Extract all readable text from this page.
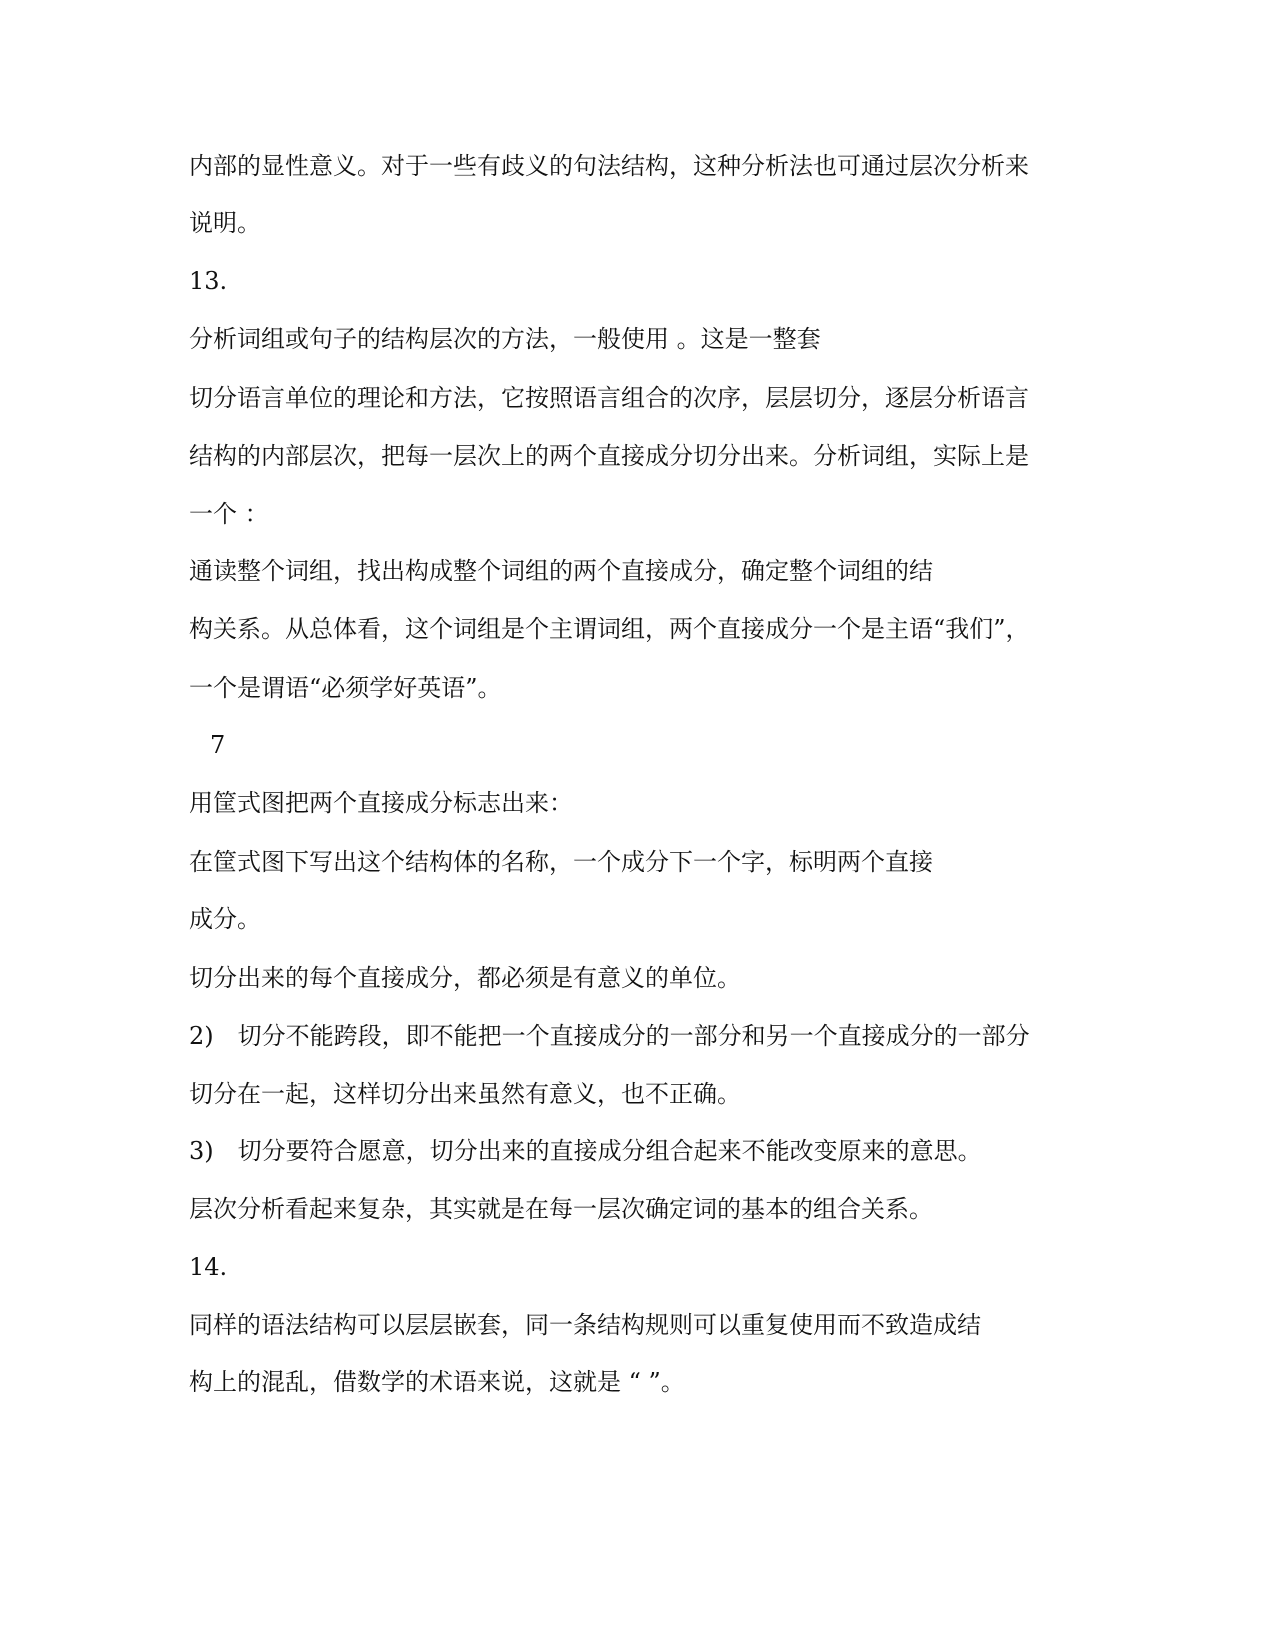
内部的显性意义。对于一些有歧义的句法结构，这种分析法也可通过层次分析来
说明。
13.
分析词组或句子的结构层次的方法，一般使用 。这是一整套
切分语言单位的理论和方法，它按照语言组合的次序，层层切分，逐层分析语言
结构的内部层次，把每一层次上的两个直接成分切分出来。分析词组，实际上是
一个 ：
通读整个词组，找出构成整个词组的两个直接成分，确定整个词组的结
构关系。从总体看，这个词组是个主谓词组，两个直接成分一个是主语“我们”，
一个是谓语“必须学好英语”。
7
用筐式图把两个直接成分标志出来：
在筐式图下写出这个结构体的名称，一个成分下一个字，标明两个直接
成分。
切分出来的每个直接成分，都必须是有意义的单位。
2)　切分不能跨段，即不能把一个直接成分的一部分和另一个直接成分的一部分
切分在一起，这样切分出来虽然有意义，也不正确。
3)　切分要符合愿意，切分出来的直接成分组合起来不能改变原来的意思。
层次分析看起来复杂，其实就是在每一层次确定词的基本的组合关系。
14.
同样的语法结构可以层层嵌套，同一条结构规则可以重复使用而不致造成结
构上的混乱，借数学的术语来说，这就是 “ ”。
